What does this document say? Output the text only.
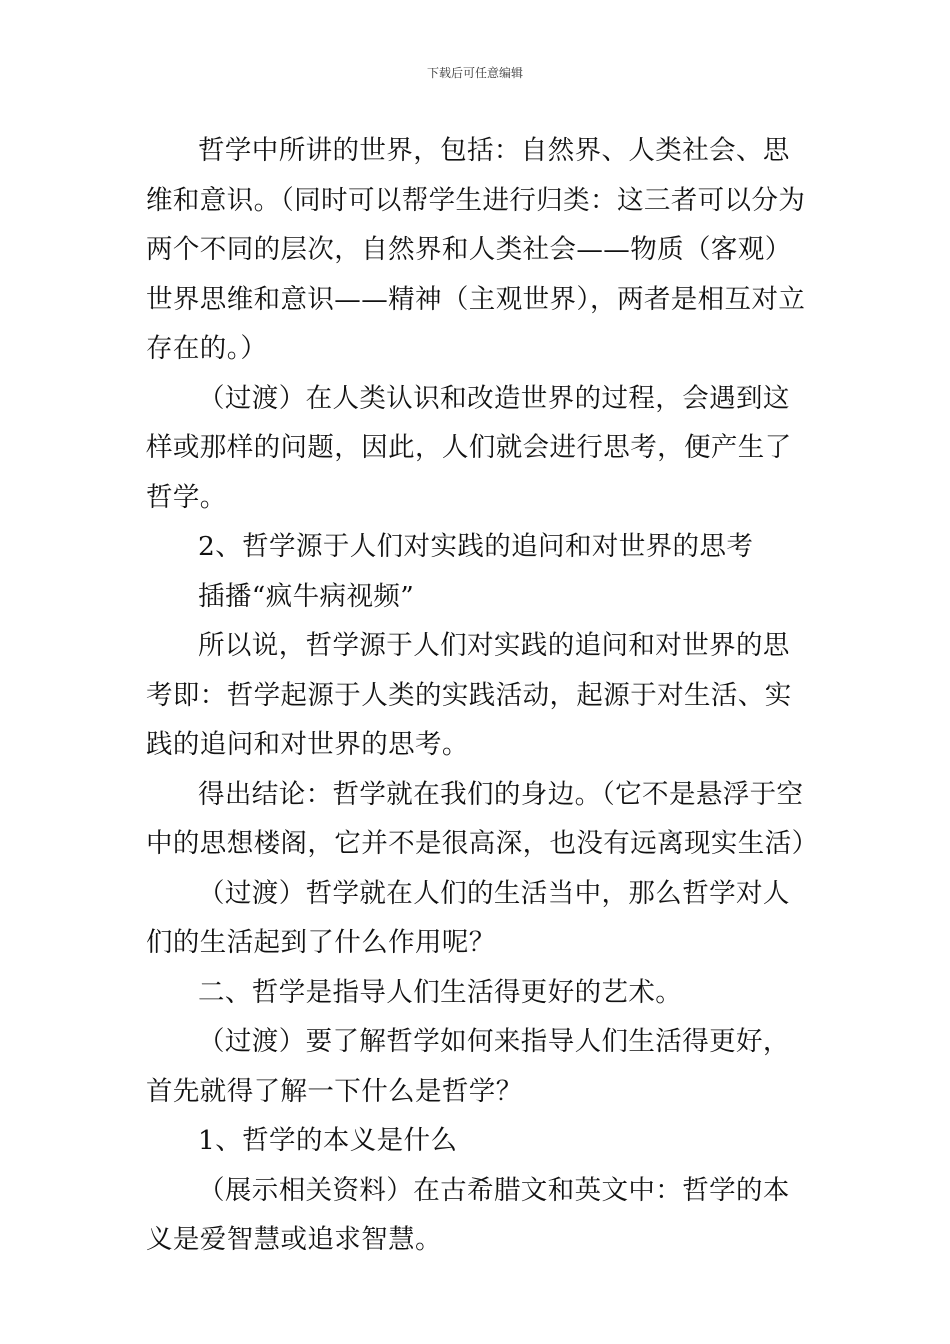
下载后可任意编辑

哲学中所讲的世界，包括：自然界、人类社会、思维和意识。（同时可以帮学生进行归类：这三者可以分为两个不同的层次，自然界和人类社会——物质（客观）世界思维和意识——精神（主观世界），两者是相互对立存在的。）

（过渡）在人类认识和改造世界的过程，会遇到这样或那样的问题，因此，人们就会进行思考，便产生了哲学。

2、哲学源于人们对实践的追问和对世界的思考

插播“疯牛病视频”

所以说，哲学源于人们对实践的追问和对世界的思考即：哲学起源于人类的实践活动，起源于对生活、实践的追问和对世界的思考。

得出结论：哲学就在我们的身边。（它不是悬浮于空中的思想楼阁，它并不是很高深，也没有远离现实生活）

（过渡）哲学就在人们的生活当中，那么哲学对人们的生活起到了什么作用呢？

二、哲学是指导人们生活得更好的艺术。

（过渡）要了解哲学如何来指导人们生活得更好，首先就得了解一下什么是哲学？

1、哲学的本义是什么

（展示相关资料）在古希腊文和英文中：哲学的本义是爱智慧或追求智慧。
